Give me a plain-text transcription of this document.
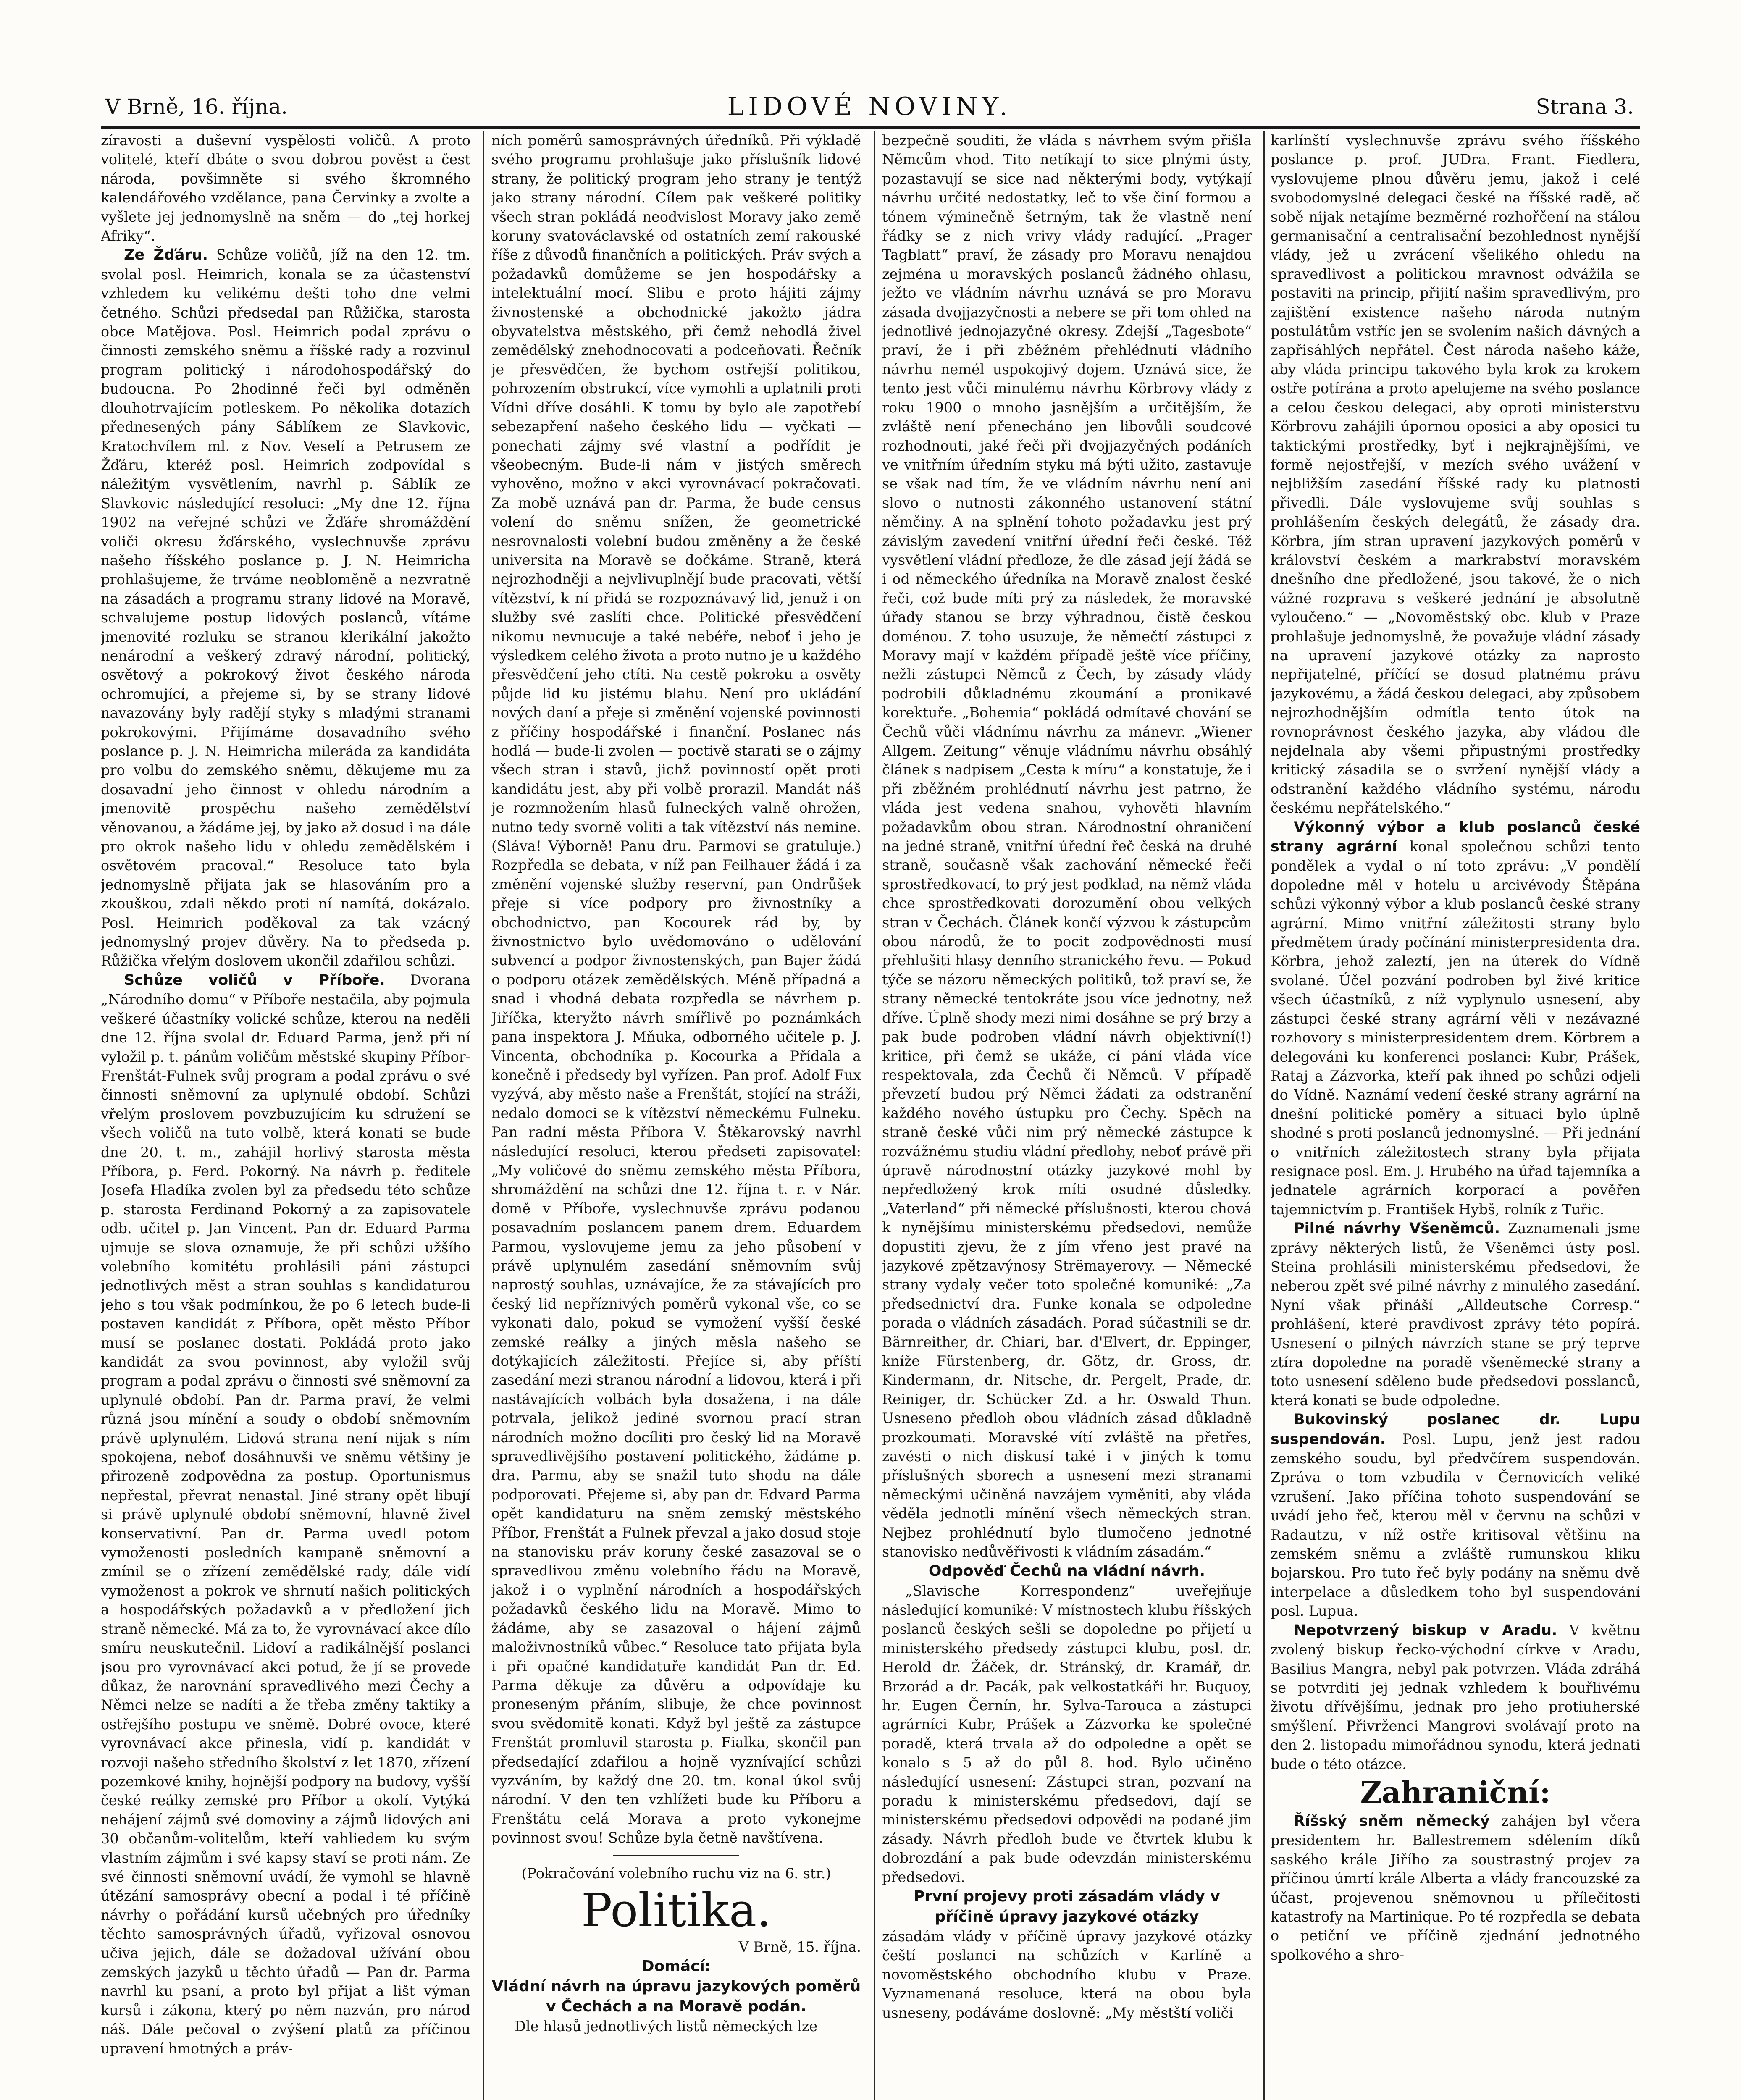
V Brně, 16. října.	LIDOVÉ NOVINY.	Strana 3.

zíravosti a duševní vyspělosti voličů. A proto volitelé, kteří dbáte o svou dobrou pověst a čest národa, povšimněte si svého škromného kalendářového vzdělance, pana Červinky a zvolte a vyšlete jej jednomyslně na sněm — do „tej horkej Afriky“.

Ze Žďáru. Schůze voličů, jíž na den 12. tm. svolal posl. Heimrich, konala se za účastenství vzhledem ku velikému dešti toho dne velmi četného. Schůzi předsedal pan Růžička, starosta obce Matějova. Posl. Heimrich podal zprávu o činnosti zemského sněmu a říšské rady a rozvinul program politický i národohospodářský do budoucna. Po 2hodinné řeči byl odměněn dlouhotrvajícím potleskem. Po několika dotazích přednesených pány Sáblíkem ze Slavkovic, Kratochvílem ml. z Nov. Veselí a Petrusem ze Žďáru, kteréž posl. Heimrich zodpovídal s náležitým vysvětlením, navrhl p. Sáblík ze Slavkovic následující resoluci: „My dne 12. října 1902 na veřejné schůzi ve Žďáře shromáždění voliči okresu žďárského, vyslechnuvše zprávu našeho říšského poslance p. J. N. Heimricha prohlašujeme, že trváme neobloměně a nezvratně na zásadách a programu strany lidové na Moravě, schvalujeme postup lidových poslanců, vítáme jmenovité rozluku se stranou klerikální jakožto nenárodní a veškerý zdravý národní, politický, osvětový a pokrokový život českého národa ochromující, a přejeme si, by se strany lidové navazovány byly radějí styky s mladými stranami pokrokovými. Přijímáme dosavadního svého poslance p. J. N. Heimricha mileráda za kandidáta pro volbu do zemského sněmu, děkujeme mu za dosavadní jeho činnost v ohledu národním a jmenovitě prospěchu našeho zemědělství věnovanou, a žádáme jej, by jako až dosud i na dále pro okrok našeho lidu v ohledu zemědělském i osvětovém pracoval.“ Resoluce tato byla jednomyslně přijata jak se hlasováním pro a zkouškou, zdali někdo proti ní namítá, dokázalo. Posl. Heimrich poděkoval za tak vzácný jednomyslný projev důvěry. Na to předseda p. Růžička vřelým doslovem ukončil zdařilou schůzi.

Schůze voličů v Příboře. Dvorana „Národního domu“ v Příboře nestačila, aby pojmula veškeré účastníky volické schůze, kterou na neděli dne 12. října svolal dr. Eduard Parma, jenž při ní vyložil p. t. pánům voličům městské skupiny Příbor-Frenštát-Fulnek svůj program a podal zprávu o své činnosti sněmovní za uplynulé období. Schůzi vřelým proslovem povzbuzujícím ku sdružení se všech voličů na tuto volbě, která konati se bude dne 20. t. m., zahájil horlivý starosta města Příbora, p. Ferd. Pokorný. Na návrh p. ředitele Josefa Hladíka zvolen byl za předsedu této schůze p. starosta Ferdinand Pokorný a za zapisovatele odb. učitel p. Jan Vincent. Pan dr. Eduard Parma ujmuje se slova oznamuje, že při schůzi užšího volebního komitétu prohlásili páni zástupci jednotlivých měst a stran souhlas s kandidaturou jeho s tou však podmínkou, že po 6 letech bude-li postaven kandidát z Příbora, opět město Příbor musí se poslanec dostati. Pokládá proto jako kandidát za svou povinnost, aby vyložil svůj program a podal zprávu o činnosti své sněmovní za uplynulé období. Pan dr. Parma praví, že velmi různá jsou mínění a soudy o období sněmovním právě uplynulém. Lidová strana není nijak s ním spokojena, neboť dosáhnuvši ve sněmu většiny je přirozeně zodpovědna za postup. Oportunismus nepřestal, převrat nenastal. Jiné strany opět libují si právě uplynulé období sněmovní, hlavně živel konservativní. Pan dr. Parma uvedl potom vymoženosti posledních kampaně sněmovní a zmínil se o zřízení zemědělské rady, dále vidí vymoženost a pokrok ve shrnutí našich politických a hospodářských požadavků a v předložení jich straně německé. Má za to, že vyrovnávací akce dílo smíru neuskutečnil. Lidoví a radikálnější poslanci jsou pro vyrovnávací akci potud, že jí se provede důkaz, že narovnání spravedlivého mezi Čechy a Němci nelze se nadíti a že třeba změny taktiky a ostřejšího postupu ve sněmě. Dobré ovoce, které vyrovnávací akce přinesla, vidí p. kandidát v rozvoji našeho středního školství z let 1870, zřízení pozemkové knihy, hojnější podpory na budovy, vyšší české reálky zemské pro Příbor a okolí. Vytýká nehájení zájmů své domoviny a zájmů lidových ani 30 občanům-volitelům, kteří vahliedem ku svým vlastním zájmům i své kapsy staví se proti nám. Ze své činnosti sněmovní uvádí, že vymohl se hlavně útězání samosprávy obecní a podal i té příčině návrhy o pořádání kursů učebných pro úředníky těchto samosprávných úřadů, vyřizoval osnovou učiva jejich, dále se dožadoval užívání obou zemských jazyků u těchto úřadů — Pan dr. Parma navrhl ku psaní, a proto byl přijat a lišt výman kursů i zákona, který po něm nazván, pro národ náš. Dále pečoval o zvýšení platů za příčinou upravení hmotných a práv-

ních poměrů samosprávných úředníků. Při výkladě svého programu prohlašuje jako příslušník lidové strany, že politický program jeho strany je tentýž jako strany národní. Cílem pak veškeré politiky všech stran pokládá neodvislost Moravy jako země koruny svatováclavské od ostatních zemí rakouské říše z důvodů finančních a politických. Práv svých a požadavků domůžeme se jen hospodářsky a intelektuální mocí. Slibu e proto hájiti zájmy živnostenské a obchodnické jakožto jádra obyvatelstva městského, při čemž nehodlá živel zemědělský znehodnocovati a podceňovati. Řečník je přesvědčen, že bychom ostřejší politikou, pohrozením obstrukcí, více vymohli a uplatnili proti Vídni dříve dosáhli. K tomu by bylo ale zapotřebí sebezapření našeho českého lidu — vyčkati — ponechati zájmy své vlastní a podřídit je všeobecným. Bude-li nám v jistých směrech vyhověno, možno v akci vyrovnávací pokračovati. Za mobě uznává pan dr. Parma, že bude census volení do sněmu snížen, že geometrické nesrovnalosti volební budou změněny a že české universita na Moravě se dočkáme. Straně, která nejrozhodněji a nejvlivuplnějí bude pracovati, větší vítězství, k ní přidá se rozpoznávavý lid, jenuž i on služby své zaslíti chce. Politické přesvědčení nikomu nevnucuje a také nebéře, neboť i jeho je výsledkem celého života a proto nutno je u každého přesvědčení jeho ctíti. Na cestě pokroku a osvěty půjde lid ku jistému blahu. Není pro ukládání nových daní a přeje si změnění vojenské povinnosti z příčiny hospodářské i finanční. Poslanec nás hodlá — bude-li zvolen — poctivě starati se o zájmy všech stran i stavů, jichž povinností opět proti kandidátu jest, aby při volbě prorazil. Mandát náš je rozmnožením hlasů fulneckých valně ohrožen, nutno tedy svorně voliti a tak vítězství nás nemine. (Sláva! Výborně! Panu dru. Parmovi se gratuluje.) Rozpředla se debata, v níž pan Feilhauer žádá i za změnění vojenské služby reservní, pan Ondrůšek přeje si více podpory pro živnostníky a obchodnictvo, pan Kocourek rád by, by živnostnictvo bylo uvědomováno o udělování subvencí a podpor živnostenských, pan Bajer žádá o podporu otázek zemědělských. Méně případná a snad i vhodná debata rozpředla se návrhem p. Jiříčka, kteryžto návrh smířlivě po poznámkách pana inspektora J. Mňuka, odborného učitele p. J. Vincenta, obchodníka p. Kocourka a Přídala a konečně i předsedy byl vyřízen. Pan prof. Adolf Fux vyzývá, aby město naše a Frenštát, stojící na stráži, nedalo domoci se k vítězství německému Fulneku. Pan radní města Příbora V. Štěkarovský navrhl následující resoluci, kterou předseti zapisovatel: „My voličové do sněmu zemského města Příbora, shromáždění na schůzi dne 12. října t. r. v Nár. domě v Příboře, vyslechnuvše zprávu podanou posavadním poslancem panem drem. Eduardem Parmou, vyslovujeme jemu za jeho působení v právě uplynulém zasedání sněmovním svůj naprostý souhlas, uznávajíce, že za stávajících pro český lid nepříznivých poměrů vykonal vše, co se vykonati dalo, pokud se vymožení vyšší české zemské reálky a jiných měsla našeho se dotýkajících záležitostí. Přejíce si, aby příští zasedání mezi stranou národní a lidovou, která i při nastávajících volbách byla dosažena, i na dále potrvala, jelikož jediné svornou prací stran národních možno docíliti pro český lid na Moravě spravedlivějšího postavení politického, žádáme p. dra. Parmu, aby se snažil tuto shodu na dále podporovati. Přejeme si, aby pan dr. Edvard Parma opět kandidaturu na sněm zemský městského Příbor, Frenštát a Fulnek převzal a jako dosud stoje na stanovisku práv koruny české zasazoval se o spravedlivou změnu volebního řádu na Moravě, jakož i o vyplnění národních a hospodářských požadavků českého lidu na Moravě. Mimo to žádáme, aby se zasazoval o hájení zájmů maloživnostníků vůbec.“ Resoluce tato přijata byla i při opačné kandidatuře kandidát Pan dr. Ed. Parma děkuje za důvěru a odpovídaje ku proneseným přáním, slibuje, že chce povinnost svou svědomitě konati. Když byl ještě za zástupce Frenštát promluvil starosta p. Fialka, skončil pan předsedající zdařilou a hojně vyznívající schůzi vyzváním, by každý dne 20. tm. konal úkol svůj národní. V den ten vzhlížeti bude ku Příboru a Frenštátu celá Morava a proto vykonejme povinnost svou! Schůze byla četně navštívena.

(Pokračování volebního ruchu viz na 6. str.)

Politika.

V Brně, 15. října.

Domácí:

Vládní návrh na úpravu jazykových poměrů v Čechách a na Moravě podán.

Dle hlasů jednotlivých listů německých lze

bezpečně souditi, že vláda s návrhem svým přišla Němcům vhod. Tito netíkají to sice plnými ústy, pozastavují se sice nad některými body, vytýkají návrhu určité nedostatky, leč to vše činí formou a tónem výminečně šetrným, tak že vlastně není řádky se z nich vrivy vlády radující. „Prager Tagblatt“ praví, že zásady pro Moravu nenajdou zejména u moravských poslanců žádného ohlasu, ježto ve vládním návrhu uznává se pro Moravu zásada dvojjazyčnosti a nebere se při tom ohled na jednotlivé jednojazyčné okresy. Zdejší „Tagesbote“ praví, že i při zběžném přehlédnutí vládního návrhu nemél uspokojivý dojem. Uznává sice, že tento jest vůči minulému návrhu Körbrovy vlády z roku 1900 o mnoho jasnějším a určitějším, že zvláště není přenecháno jen libovůli soudcové rozhodnouti, jaké řeči při dvojjazyčných podáních ve vnitřním úředním styku má býti užito, zastavuje se však nad tím, že ve vládním návrhu není ani slovo o nutnosti zákonného ustanovení státní němčiny. A na splnění tohoto požadavku jest prý závislým zavedení vnitřní úřední řeči české. Též vysvětlení vládní předloze, že dle zásad její žádá se i od německého úředníka na Moravě znalost české řeči, což bude míti prý za následek, že moravské úřady stanou se brzy výhradnou, čistě českou doménou. Z toho usuzuje, že němečtí zástupci z Moravy mají v každém případě ještě více příčiny, nežli zástupci Němců z Čech, by zásady vlády podrobili důkladnému zkoumání a pronikavé korektuře. „Bohemia“ pokládá odmítavé chování se Čechů vůči vládnímu návrhu za mánevr. „Wiener Allgem. Zeitung“ věnuje vládnímu návrhu obsáhlý článek s nadpisem „Cesta k míru“ a konstatuje, že i při zběžném prohlédnutí návrhu jest patrno, že vláda jest vedena snahou, vyhověti hlavním požadavkům obou stran. Národnostní ohraničení na jedné straně, vnitřní úřední řeč česká na druhé straně, současně však zachování německé řeči sprostředkovací, to prý jest podklad, na němž vláda chce sprostředkovati dorozumění obou velkých stran v Čechách. Článek končí výzvou k zástupcům obou národů, že to pocit zodpovědnosti musí přehlušiti hlasy denního stranického řevu. — Pokud týče se názoru německých politiků, tož praví se, že strany německé tentokráte jsou více jednotny, než dříve. Úplně shody mezi nimi dosáhne se prý brzy a pak bude podroben vládní návrh objektivní(!) kritice, při čemž se ukáže, cí pání vláda více respektovala, zda Čechů či Němců. V případě převzetí budou prý Němci žádati za odstranění každého nového ústupku pro Čechy. Spěch na straně české vůči nim prý německé zástupce k rozvážnému studiu vládní předlohy, neboť právě při úpravě národnostní otázky jazykové mohl by nepředložený krok míti osudné důsledky. „Vaterland“ při německé příslušnosti, kterou chová k nynějšímu ministerskému předsedovi, nemůže dopustiti zjevu, že z jím vřeno jest pravé na jazykové zpětzavýnosy Strëmayerovy. — Německé strany vydaly večer toto společné komuniké: „Za předsednictví dra. Funke konala se odpoledne porada o vládních zásadách. Porad súčastnili se dr. Bärnreither, dr. Chiari, bar. d'Elvert, dr. Eppinger, kníže Fürstenberg, dr. Götz, dr. Gross, dr. Kindermann, dr. Nitsche, dr. Pergelt, Prade, dr. Reiniger, dr. Schücker Zd. a hr. Oswald Thun. Usneseno předloh obou vládních zásad důkladně prozkoumati. Moravské vítí zvláště na přetřes, zavésti o nich diskusí také i v jiných k tomu příslušných sborech a usnesení mezi stranami německými učiněná navzájem vyměniti, aby vláda věděla jednotli mínění všech německých stran. Nejbez prohlédnutí bylo tlumočeno jednotné stanovisko nedůvěřivosti k vládním zásadám.“

Odpověď Čechů na vládní návrh.

„Slavische Korrespondenz“ uveřejňuje následující komuniké: V místnostech klubu říšských poslanců českých sešli se dopoledne po přijetí u ministerského předsedy zástupci klubu, posl. dr. Herold dr. Žáček, dr. Stránský, dr. Kramář, dr. Brzorád a dr. Pacák, pak velkostatkáři hr. Buquoy, hr. Eugen Černín, hr. Sylva-Tarouca a zástupci agrárníci Kubr, Prášek a Zázvorka ke společné poradě, která trvala až do odpoledne a opět se konalo s 5 až do půl 8. hod. Bylo učiněno následující usnesení: Zástupci stran, pozvaní na poradu k ministerskému předsedovi, dají se ministerskému předsedovi odpovědi na podané jim zásady. Návrh předloh bude ve čtvrtek klubu k dobrozdání a pak bude odevzdán ministerskému předsedovi.

První projevy proti zásadám vlády v příčině úpravy jazykové otázky

zásadám vlády v příčině úpravy jazykové otázky čeští poslanci na schůzích v Karlíně a novoměstského obchodního klubu v Praze. Vyznamenaná resoluce, která na obou byla usneseny, podáváme doslovně: „My městští voliči

karlínští vyslechnuvše zprávu svého říšského poslance p. prof. JUDra. Frant. Fiedlera, vyslovujeme plnou důvěru jemu, jakož i celé svobodomyslné delegaci české na říšské radě, ač sobě nijak netajíme bezměrné rozhořčení na stálou germanisační a centralisační bezohlednost nynější vlády, jež u zvrácení všelikého ohledu na spravedlivost a politickou mravnost odvážila se postaviti na princip, přijití našim spravedlivým, pro zajištění existence našeho národa nutným postulátům vstříc jen se svolením našich dávných a zapřisáhlých nepřátel. Čest národa našeho káže, aby vláda principu takového byla krok za krokem ostře potírána a proto apelujeme na svého poslance a celou českou delegaci, aby oproti ministerstvu Körbrovu zahájili úpornou oposici a aby oposici tu taktickými prostředky, byť i nejkrajnějšími, ve formě nejostřejší, v mezích svého uvážení v nejbližším zasedání říšské rady ku platnosti přivedli. Dále vyslovujeme svůj souhlas s prohlášením českých delegátů, že zásady dra. Körbra, jím stran upravení jazykových poměrů v království českém a markrabství moravském dnešního dne předložené, jsou takové, že o nich vážné rozprava s veškeré jednání je absolutně vyloučeno.“ — „Novoměstský obc. klub v Praze prohlašuje jednomyslně, že považuje vládní zásady na upravení jazykové otázky za naprosto nepřijatelné, příčící se dosud platnému právu jazykovému, a žádá českou delegaci, aby způsobem nejrozhodnějším odmítla tento útok na rovnoprávnost českého jazyka, aby vládou dle nejdelnala aby všemi připustnými prostředky kritický zásadila se o svržení nynější vlády a odstranění každého vládního systému, národu českému nepřátelského.“

Výkonný výbor a klub poslanců české strany agrární konal společnou schůzi tento pondělek a vydal o ní toto zprávu: „V pondělí dopoledne měl v hotelu u arcivévody Štěpána schůzi výkonný výbor a klub poslanců české strany agrární. Mimo vnitřní záležitosti strany bylo předmětem úrady počínání ministerpresidenta dra. Körbra, jehož zaleztí, jen na úterek do Vídně svolané. Účel pozvání podroben byl živé kritice všech účastníků, z níž vyplynulo usnesení, aby zástupci české strany agrární věli v nezávazné rozhovory s ministerpresidentem drem. Körbrem a delegováni ku konferenci poslanci: Kubr, Prášek, Rataj a Zázvorka, kteří pak ihned po schůzi odjeli do Vídně. Naznámí vedení české strany agrární na dnešní politické poměry a situaci bylo úplně shodné s proti poslanců jednomyslné. — Při jednání o vnitřních záležitostech strany byla přijata resignace posl. Em. J. Hrubého na úřad tajemníka a jednatele agrárních korporací a pověřen tajemnictvím p. František Hybš, rolník z Tuřic.

Pilné návrhy Všeněmců. Zaznamenali jsme zprávy některých listů, že Všeněmci ústy posl. Steina prohlásili ministerskému předsedovi, že neberou zpět své pilné návrhy z minulého zasedání. Nyní však přináší „Alldeutsche Corresp.“ prohlášení, které pravdivost zprávy této popírá. Usnesení o pilných návrzích stane se prý teprve ztíra dopoledne na poradě všeněmecké strany a toto usnesení sděleno bude předsedovi posslanců, která konati se bude odpoledne.

Bukovinský poslanec dr. Lupu suspendován. Posl. Lupu, jenž jest radou zemského soudu, byl předvčírem suspendován. Zpráva o tom vzbudila v Černovicích veliké vzrušení. Jako příčina tohoto suspendování se uvádí jeho řeč, kterou měl v červnu na schůzi v Radautzu, v níž ostře kritisoval většinu na zemském sněmu a zvláště rumunskou kliku bojarskou. Pro tuto řeč byly podány na sněmu dvě interpelace a důsledkem toho byl suspendování posl. Lupua.

Nepotvrzený biskup v Aradu. V květnu zvolený biskup řecko-východní církve v Aradu, Basilius Mangra, nebyl pak potvrzen. Vláda zdráhá se potvrditi jej jednak vzhledem k bouřlivému životu dřívějšímu, jednak pro jeho protiuherské smýšlení. Přivrženci Mangrovi svolávají proto na den 2. listopadu mimořádnou synodu, která jednati bude o této otázce.

Zahraniční:

Říšský sněm německý zahájen byl včera presidentem hr. Ballestremem sdělením díků saského krále Jiřího za soustrastný projev za příčinou úmrtí krále Alberta a vlády francouzské za účast, projevenou sněmovnou u přílečitosti katastrofy na Martinique. Po té rozpředla se debata o petiční ve příčině zjednání jednotného spolkového a shro-
